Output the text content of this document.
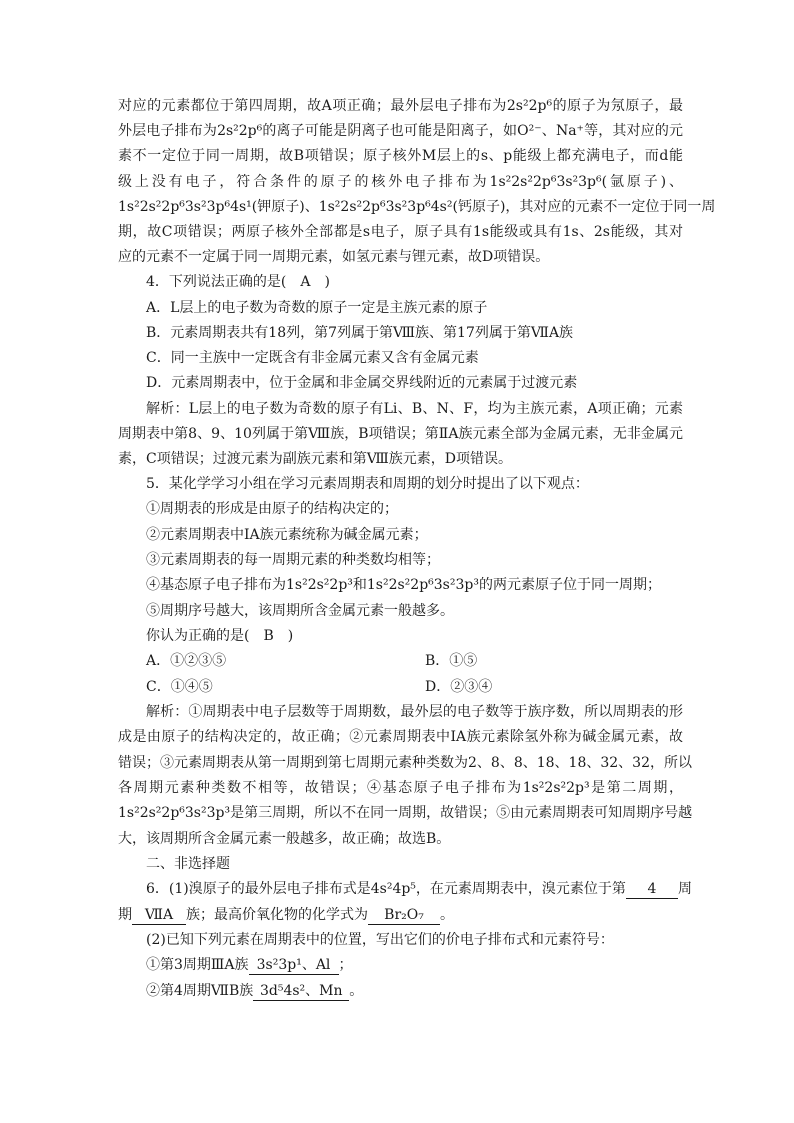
对应的元素都位于第四周期，故A项正确；最外层电子排布为2s²2p⁶的原子为氖原子，最
外层电子排布为2s²2p⁶的离子可能是阴离子也可能是阳离子，如O²⁻、Na⁺等，其对应的元
素不一定位于同一周期，故B项错误；原子核外M层上的s、p能级上都充满电子，而d能
级上没有电子，符合条件的原子的核外电子排布为1s²2s²2p⁶3s²3p⁶(氩原子)、
1s²2s²2p⁶3s²3p⁶4s¹(钾原子)、1s²2s²2p⁶3s²3p⁶4s²(钙原子)，其对应的元素不一定位于同一周
期，故C项错误；两原子核外全部都是s电子，原子具有1s能级或具有1s、2s能级，其对
应的元素不一定属于同一周期元素，如氢元素与锂元素，故D项错误。
4．下列说法正确的是(　A　)
A．L层上的电子数为奇数的原子一定是主族元素的原子
B．元素周期表共有18列，第7列属于第Ⅷ族、第17列属于第ⅦA族
C．同一主族中一定既含有非金属元素又含有金属元素
D．元素周期表中，位于金属和非金属交界线附近的元素属于过渡元素
解析：L层上的电子数为奇数的原子有Li、B、N、F，均为主族元素，A项正确；元素
周期表中第8、9、10列属于第Ⅷ族，B项错误；第ⅡA族元素全部为金属元素，无非金属元
素，C项错误；过渡元素为副族元素和第Ⅷ族元素，D项错误。
5．某化学学习小组在学习元素周期表和周期的划分时提出了以下观点：
①周期表的形成是由原子的结构决定的；
②元素周期表中IA族元素统称为碱金属元素；
③元素周期表的每一周期元素的种类数均相等；
④基态原子电子排布为1s²2s²2p³和1s²2s²2p⁶3s²3p³的两元素原子位于同一周期；
⑤周期序号越大，该周期所含金属元素一般越多。
你认为正确的是(　B　)
A．①②③⑤	B．①⑤
C．①④⑤	D．②③④
解析：①周期表中电子层数等于周期数，最外层的电子数等于族序数，所以周期表的形
成是由原子的结构决定的，故正确；②元素周期表中IA族元素除氢外称为碱金属元素，故
错误；③元素周期表从第一周期到第七周期元素种类数为2、8、8、18、18、32、32，所以
各周期元素种类数不相等，故错误；④基态原子电子排布为1s²2s²2p³是第二周期，
1s²2s²2p⁶3s²3p³是第三周期，所以不在同一周期，故错误；⑤由元素周期表可知周期序号越
大，该周期所含金属元素一般越多，故正确；故选B。
二、非选择题
6．(1)溴原子的最外层电子排布式是4s²4p⁵，在元素周期表中，溴元素位于第 4 周
期 ⅦA 族；最高价氧化物的化学式为 Br₂O₇ 。
(2)已知下列元素在周期表中的位置，写出它们的价电子排布式和元素符号：
①第3周期ⅢA族 3s²3p¹、Al ；
②第4周期ⅦB族 3d⁵4s²、Mn 。
